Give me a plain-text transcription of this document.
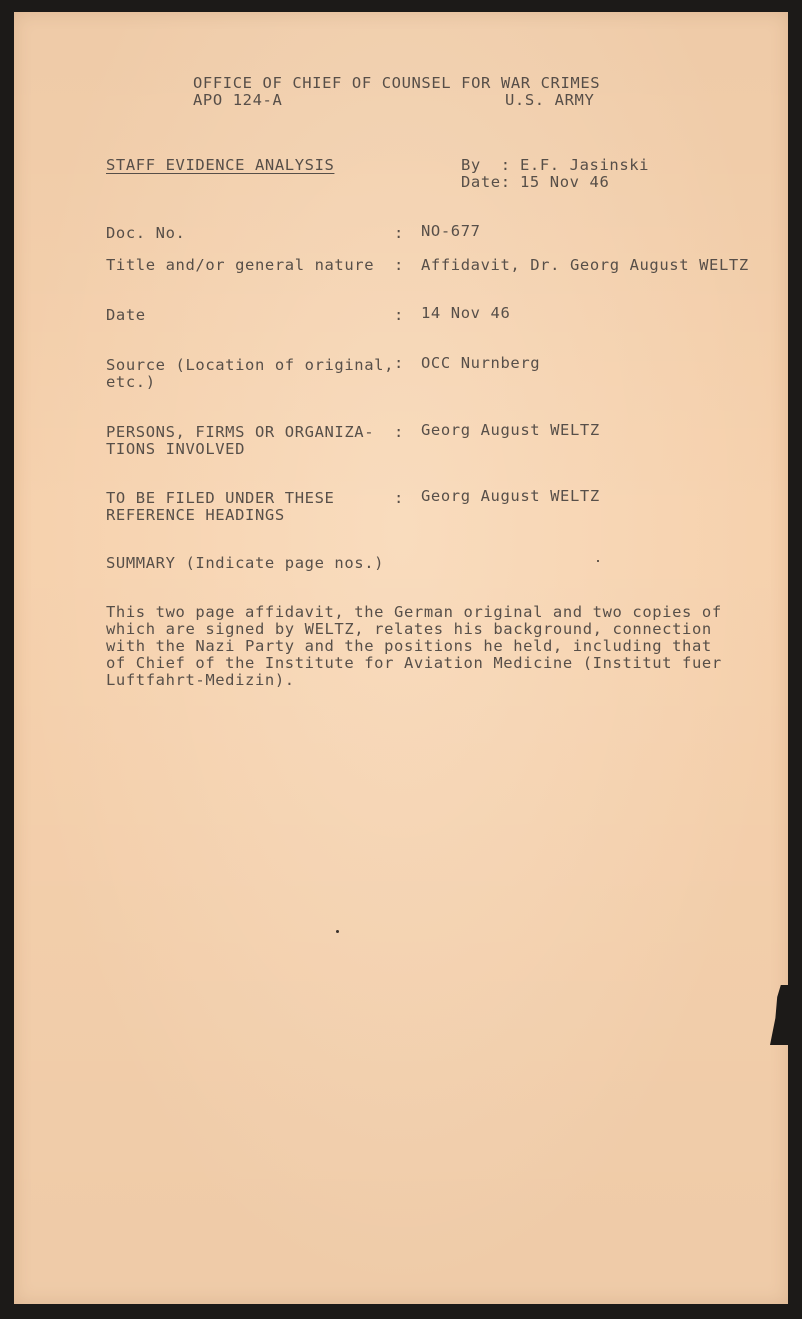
OFFICE OF CHIEF OF COUNSEL FOR WAR CRIMES
APO 124-A	U.S. ARMY
STAFF EVIDENCE ANALYSIS	By  : E.F. Jasinski
Date: 15 Nov 46
Doc. No.	: NO-677
Title and/or general nature : Affidavit, Dr. Georg August WELTZ
Date	: 14 Nov 46
Source (Location of original,
etc.)
: OCC Nurnberg
PERSONS, FIRMS OR ORGANIZA-
TIONS INVOLVED
: Georg August WELTZ
TO BE FILED UNDER THESE
REFERENCE HEADINGS
: Georg August WELTZ
SUMMARY (Indicate page nos.)
This two page affidavit, the German original and two copies of
which are signed by WELTZ, relates his background, connection
with the Nazi Party and the positions he held, including that
of Chief of the Institute for Aviation Medicine (Institut fuer
Luftfahrt-Medizin).
